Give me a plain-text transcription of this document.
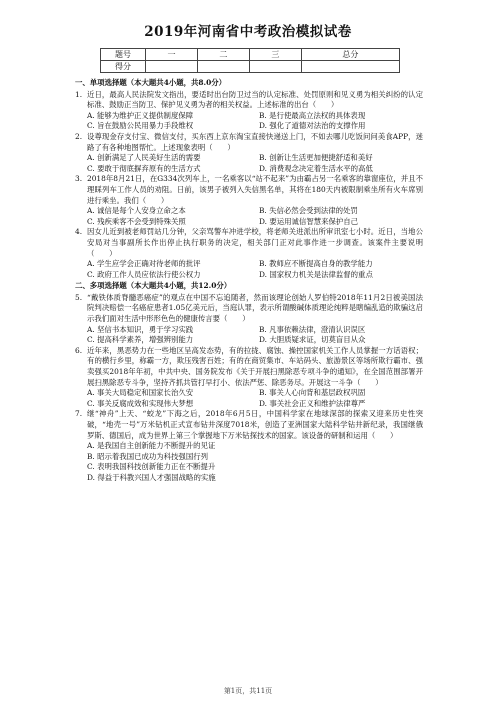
2019年河南省中考政治模拟试卷
题号	一	二	三	总分
得分				
一、单项选择题（本大题共4小题，共8.0分）
1. 近日，最高人民法院发文指出，要适时出台防卫过当的认定标准、处罚原则和见义勇为相关纠纷的认定标准、鼓励正当防卫、保护见义勇为者的相关权益。上述标准的出台（　　）
A. 能够为维护正义提供制度保障	B. 是行使最高立法权的具体表现
C. 旨在鼓励公民用暴力手段维权	D. 强化了道德对法治的支撑作用
2. 设尊现金存支付宝、微信支付，买东西上京东淘宝直接快递送上门，不如去哪儿吃饭问问美食APP，迷路了有各种地图帮忙。上述现象表明（　　）
A. 创新满足了人民美好生活的需要	B. 创新让生活更加便捷舒适和美好
C. 要敢于彻底摒弃原有的生活方式	D. 消费观念决定着生活水平的高低
3. 2018年8月21日，在G334次列车上，一名乘客以“站不起来”为由霸占另一名乘客的靠窗座位，并且不理睬列车工作人员的劝阻。日前，该男子被列入失信黑名单，其将在180天内被限制乘坐所有火车席别进行乘坐。我们（　　）
A. 诚信是每个人安身立命之本	B. 失信必然会受到法律的处罚
C. 残疾乘客不会受到特殊关照	D. 要运用诚信智慧来保护自己
4. 因女儿近到被老师罚站几分钟，父亲骂警车冲进学校，将老师关进派出所审讯室七小时。近日，当地公安局对当事副所长作出停止执行职务的决定，相关部门正对此事作进一步调查。该案件主要说明（　　）
A. 学生应学会正确对待老师的批评	B. 教师应不断提高自身的教学能力
C. 政府工作人员应依法行使公权力	D. 国家权力机关是法律监督的重点
二、多项选择题（本大题共4小题，共12.0分）
5. “戴铁体质脊髓恶癌症”的观点在中国不忘追随者，然而该理论创始人罗伯特2018年11月2日被美国法院判决赔偿一名癌症患者1.05亿美元后，当庭认罪，表示所谓酸碱体质理论纯粹是瞎编乱造的欺骗这启示我们面对生活中形形色色的健康传言要（　　）
A. 坚信书本知识，勇于学习实践	B. 凡事依赖法律，澄清认识误区
C. 提高科学素养，增强辨别能力	D. 大胆质疑求证，切莫盲目从众
6. 近年来，黑恶势力在一些地区呈高发态势，有的拉拢、腐蚀、操控国家机关工作人员掌握一方话语权；有的横行乡里，称霸一方，欺压残害百姓；有的在商贸集市、车站码头、旅游景区等场所欺行霸市、强卖强买2018年年初，中共中央、国务院发布《关于开展扫黑除恶专项斗争的通知》，在全国范围部署开展扫黑除恶专斗争，坚持齐抓共管打早打小、依法严惩、除恶务尽。开展这一斗争（　　）
A. 事关大局稳定和国家长治久安	B. 事关人心向背和基层政权巩固
C. 事关反腐成效和实现伟大梦想	D. 事关社会正义和维护法律尊严
7. 继“神舟”上天、“蛟龙”下海之后，2018年6月5日，中国科学家在地球深部的探索又迎来历史性突破，“地壳一号”万米钻机正式宣布钻井深度7018米，创造了亚洲国家大陆科学钻井新纪录，我国继俄罗斯、德国后，成为世界上第三个掌握地下万米钻探技术的国家。该设备的研制和运用（　　）
A. 是我国自主创新能力不断提升的见证
B. 昭示着我国已成功为科技强国行列
C. 表明我国科技创新能力正在不断提升
D. 得益于科教兴国人才强国战略的实施
第1页，共11页
